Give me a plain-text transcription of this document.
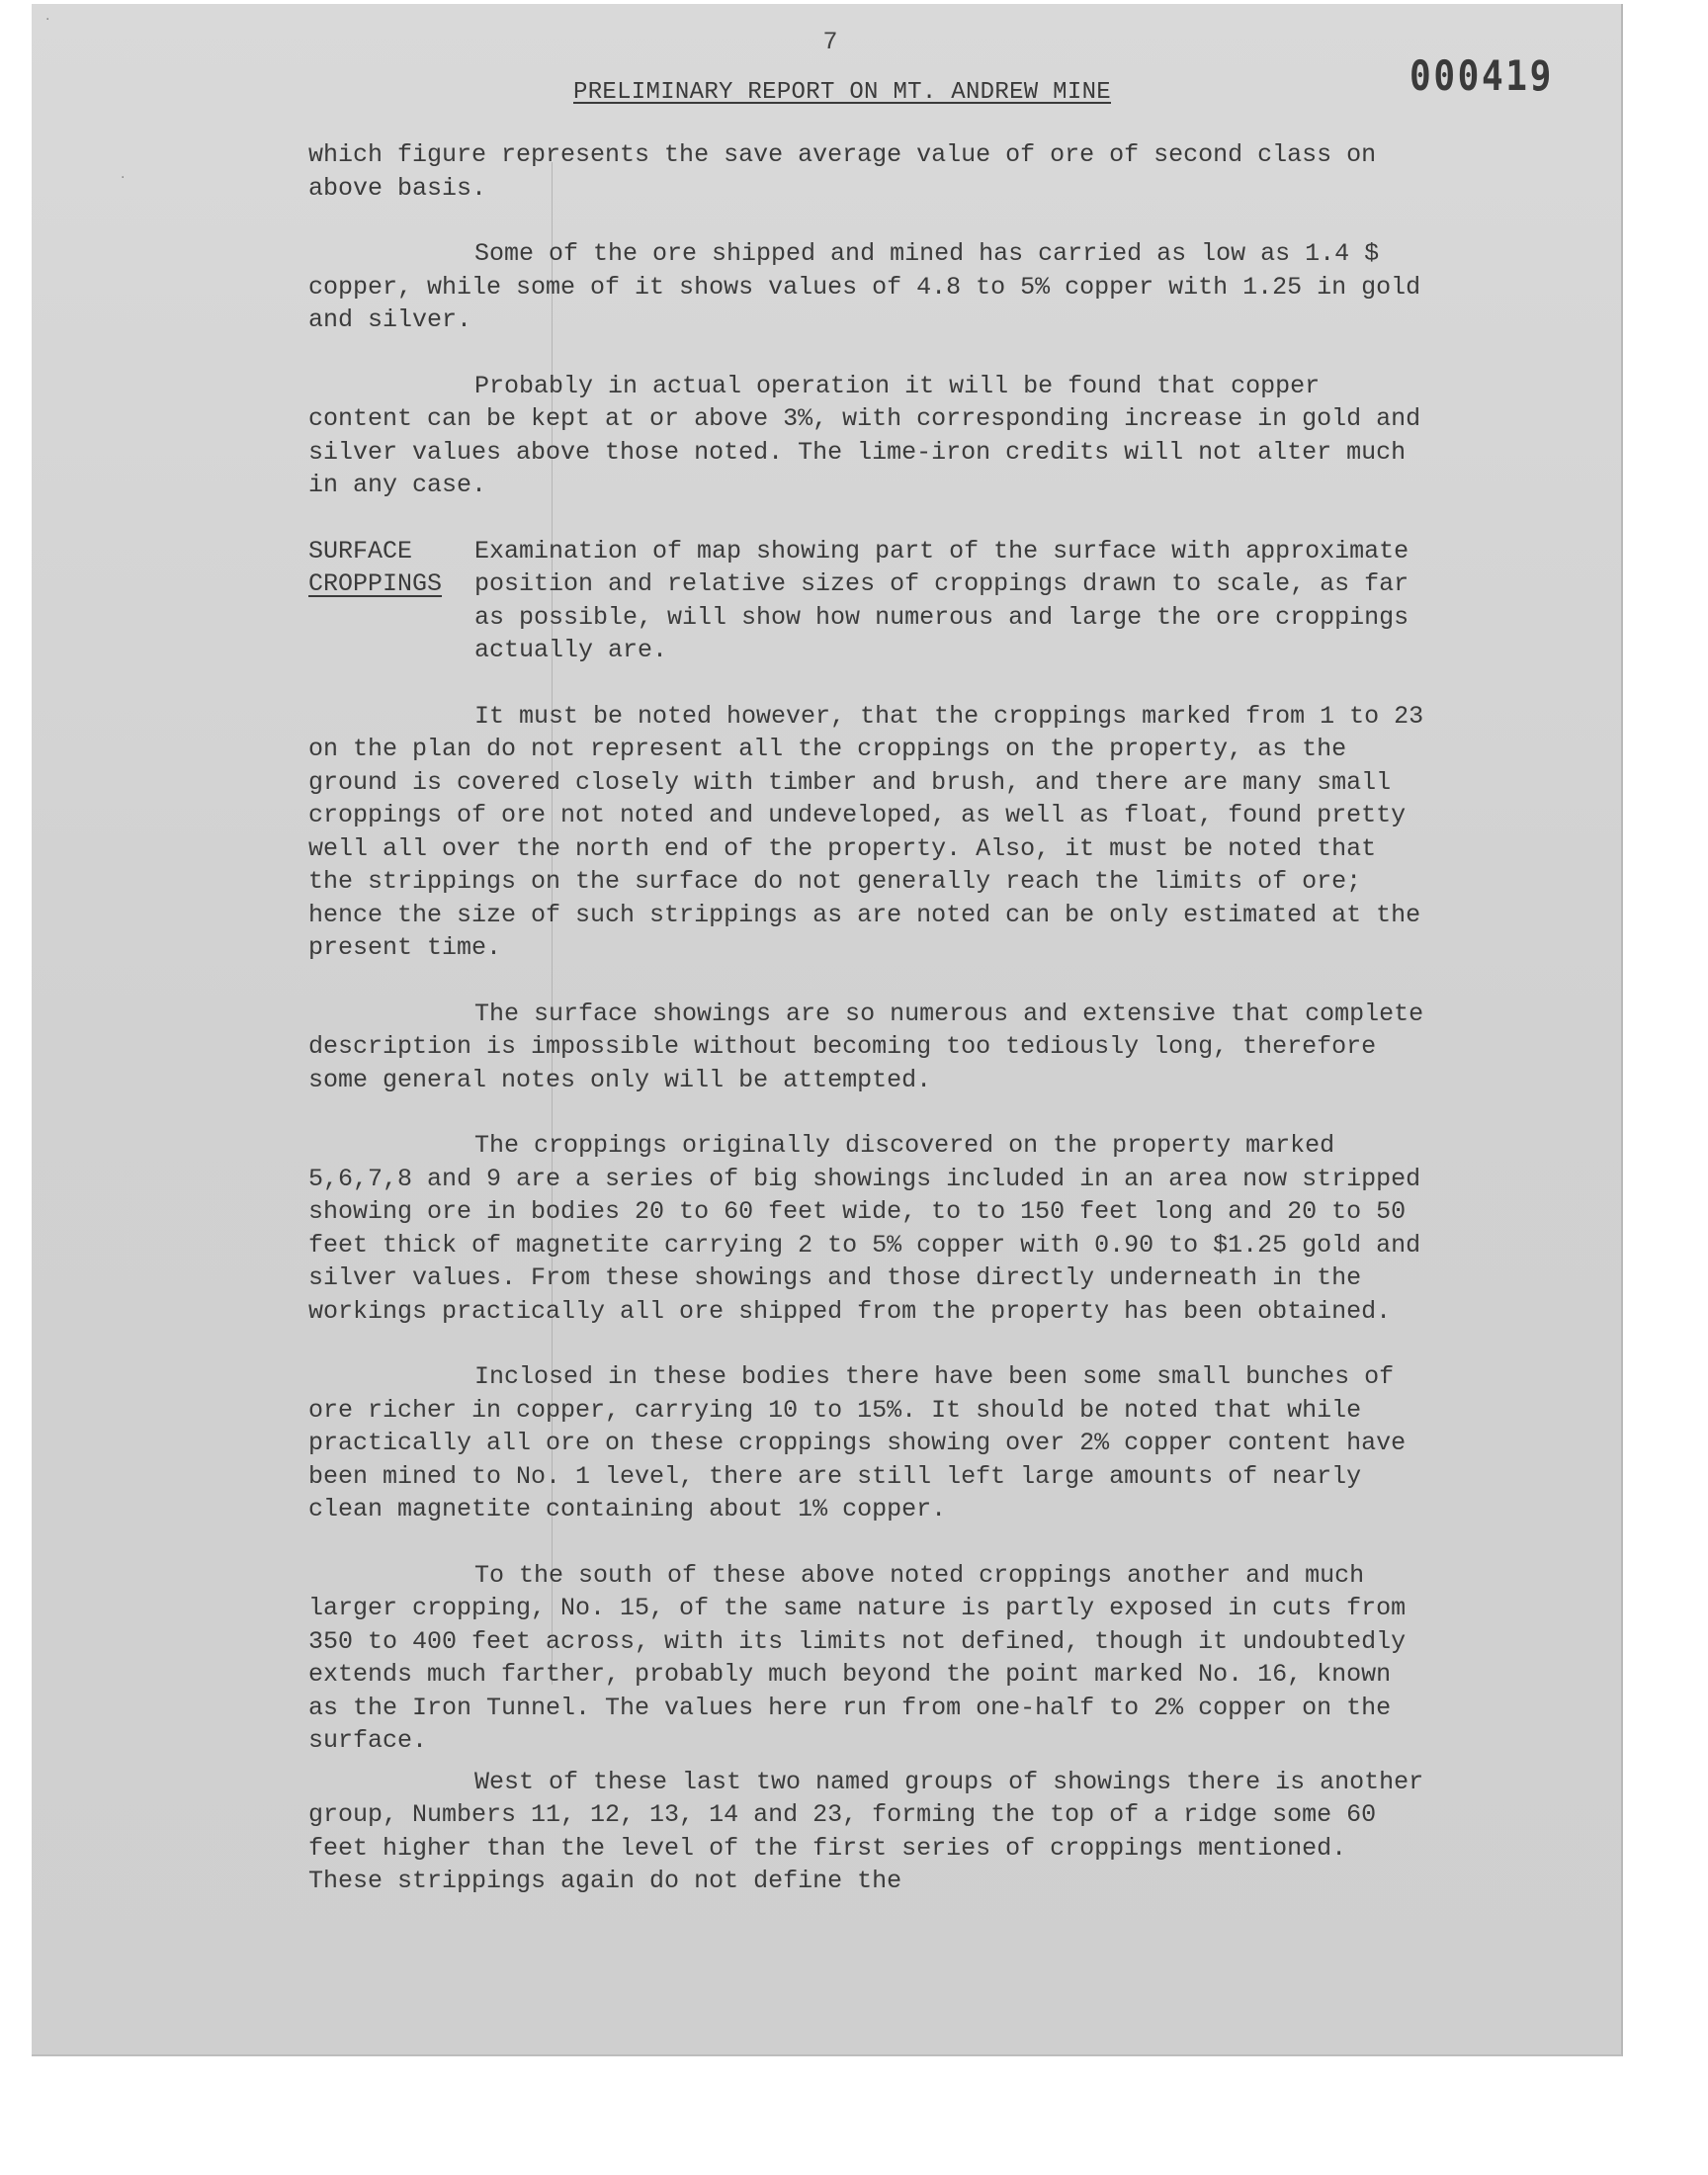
7
000419
PRELIMINARY REPORT ON MT. ANDREW MINE
·
·

which figure represents the save average value of ore of second class on above basis.

Some of the ore shipped and mined has carried as low as 1.4 $ copper, while some of it shows values of 4.8 to 5% copper with 1.25 in gold and silver.

Probably in actual operation it will be found that copper content can be kept at or above 3%, with corresponding increase in gold and silver values above those noted. The lime-iron credits will not alter much in any case.

SURFACE
CROPPINGS
Examination of map showing part of the surface with approximate position and relative sizes of croppings drawn to scale, as far as possible, will show how numerous and large the ore croppings actually are.

It must be noted however, that the croppings marked from 1 to 23 on the plan do not represent all the croppings on the property, as the ground is covered closely with timber and brush, and there are many small croppings of ore not noted and undeveloped, as well as float, found pretty well all over the north end of the property. Also, it must be noted that the strippings on the surface do not generally reach the limits of ore; hence the size of such strippings as are noted can be only estimated at the present time.

The surface showings are so numerous and extensive that complete description is impossible without becoming too tediously long, therefore some general notes only will be attempted.

The croppings originally discovered on the property marked 5,6,7,8 and 9 are a series of big showings included in an area now stripped showing ore in bodies 20 to 60 feet wide, to to 150 feet long and 20 to 50 feet thick of magnetite carrying 2 to 5% copper with 0.90 to $1.25 gold and silver values. From these showings and those directly underneath in the workings practically all ore shipped from the property has been obtained.

Inclosed in these bodies there have been some small bunches of ore richer in copper, carrying 10 to 15%. It should be noted that while practically all ore on these croppings showing over 2% copper content have been mined to No. 1 level, there are still left large amounts of nearly clean magnetite containing about 1% copper.

To the south of these above noted croppings another and much larger cropping, No. 15, of the same nature is partly exposed in cuts from 350 to 400 feet across, with its limits not defined, though it undoubtedly extends much farther, probably much beyond the point marked No. 16, known as the Iron Tunnel. The values here run from one-half to 2% copper on the surface.

West of these last two named groups of showings there is another group, Numbers 11, 12, 13, 14 and 23, forming the top of a ridge some 60 feet higher than the level of the first series of croppings mentioned. These strippings again do not define the
